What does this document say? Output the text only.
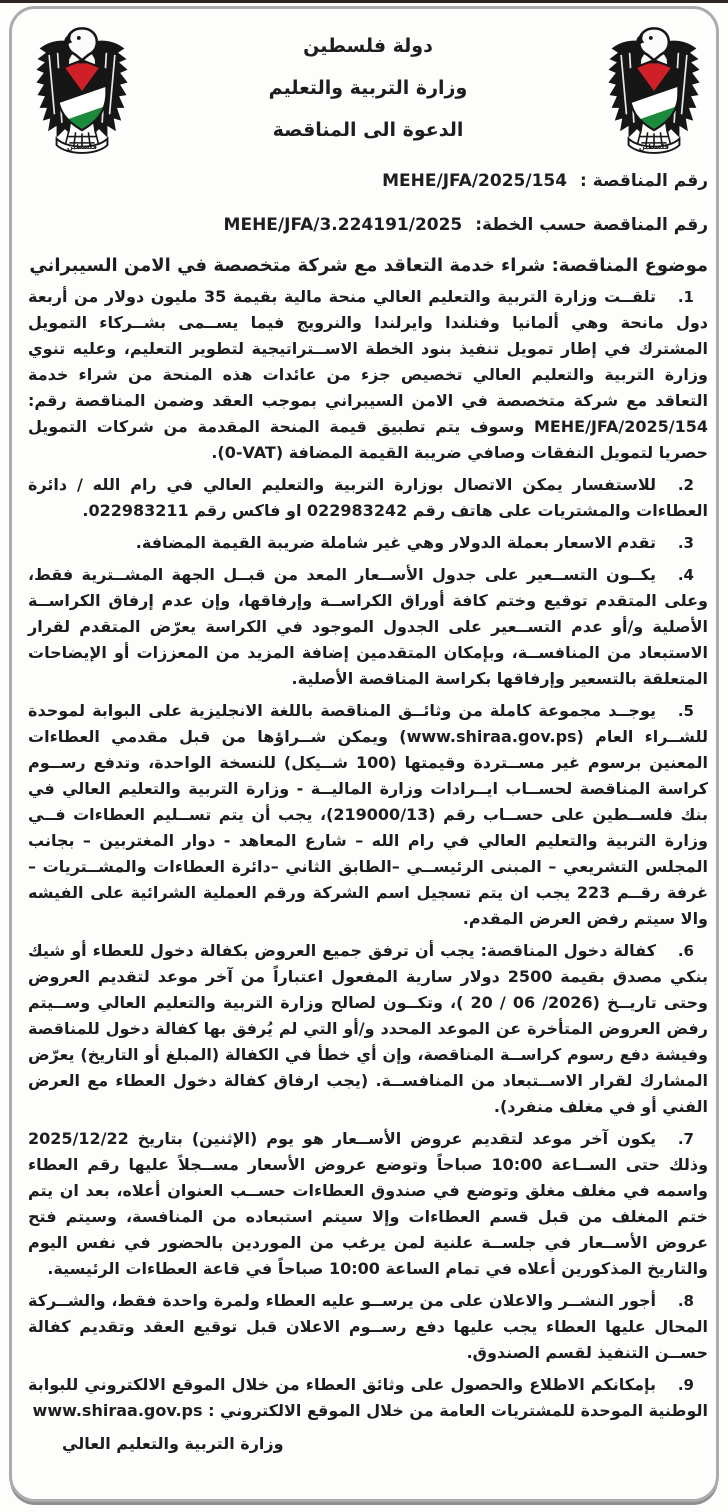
فلسطين
دولة فلسطين
وزارة التربية والتعليم
الدعوة الى المناقصة
فلسطين
رقم المناقصة : MEHE/JFA/2025/154
رقم المناقصة حسب الخطة: MEHE/JFA/3.224191/2025
موضوع المناقصة: شراء خدمة التعاقد مع شركة متخصصة في الامن السيبراني
.1
تلقــت وزارة التربية والتعليم العالي منحة مالية بقيمة 35 مليون دولار من أربعة دول مانحة وهي ألمانيا وفنلندا وايرلندا والنرويج فيما يســمى بشــركاء التمويل المشترك في إطار تمويل تنفيذ بنود الخطة الاســتراتيجية لتطوير التعليم، وعليه تنوي وزارة التربية والتعليم العالي تخصيص جزء من عائدات هذه المنحة من شراء خدمة التعاقد مع شركة متخصصة في الامن السيبراني بموجب العقد وضمن المناقصة رقم: MEHE/JFA/2025/154 وسوف يتم تطبيق قيمة المنحة المقدمة من شركات التمويل حصريا لتمويل النفقات وصافي ضريبة القيمة المضافة (‎0-VAT‎).
.2
للاستفسار يمكن الاتصال بوزارة التربية والتعليم العالي في رام الله / دائرة العطاءات والمشتريات على هاتف رقم 022983242 او فاكس رقم 022983211.
.3
تقدم الاسعار بعملة الدولار وهي غير شاملة ضريبة القيمة المضافة.
.4
يكــون التســعير على جدول الأســعار المعد من قبــل الجهة المشــترية فقط، وعلى المتقدم توقيع وختم كافة أوراق الكراســة وإرفاقها، وإن عدم إرفاق الكراســة الأصلية و/أو عدم التســعير على الجدول الموجود في الكراسة يعرّض المتقدم لقرار الاستبعاد من المنافســة، وبإمكان المتقدمين إضافة المزيد من المعززات أو الإيضاحات المتعلقة بالتسعير وإرفاقها بكراسة المناقصة الأصلية.
.5
يوجــد مجموعة كاملة من وثائــق المناقصة باللغة الانجليزية على البوابة لموحدة للشــراء العام (www.shiraa.gov.ps) ويمكن شــراؤها من قبل مقدمي العطاءات المعنين برسوم غير مســتردة وقيمتها (100 شــيكل) للنسخة الواحدة، وتدفع رســوم كراسة المناقصة لحســاب ايــرادات وزارة الماليــة - وزارة التربية والتعليم العالي في بنك فلســطين على حســاب رقم (219000/13)، يجب أن يتم تســليم العطاءات فــي وزارة التربية والتعليم العالي في رام الله – شارع المعاهد - دوار المغتربين – بجانب المجلس التشريعي – المبنى الرئيســي –الطابق الثاني –دائرة العطاءات والمشــتريات – غرفة رقــم 223 يجب ان يتم تسجيل اسم الشركة ورقم العملية الشرائية على الفيشه والا سيتم رفض العرض المقدم.
.6
كفالة دخول المناقصة: يجب أن ترفق جميع العروض بكفالة دخول للعطاء أو شيك بنكي مصدق بقيمة 2500 دولار سارية المفعول اعتباراً من آخر موعد لتقديم العروض وحتى تاريــخ (‎ 20 / 06 /2026‎)، وتكــون لصالح وزارة التربية والتعليم العالي وســيتم رفض العروض المتأخرة عن الموعد المحدد و/أو التي لم يُرفق بها كفالة دخول للمناقصة وفيشة دفع رسوم كراســة المناقصة، وإن أي خطأ في الكفالة (المبلغ أو التاريخ) يعرّض المشارك لقرار الاســتبعاد من المنافســة. (يجب ارفاق كفالة دخول العطاء مع العرض الفني أو في مغلف منفرد).
.7
يكون آخر موعد لتقديم عروض الأســعار هو يوم (الإثنين) بتاريخ 2025/12/22 وذلك حتى الســاعة 10:00 صباحاً وتوضع عروض الأسعار مســجلاً عليها رقم العطاء واسمه في مغلف مغلق وتوضع في صندوق العطاءات حســب العنوان أعلاه، بعد ان يتم ختم المغلف من قبل قسم العطاءات وإلا سيتم استبعاده من المنافسة، وسيتم فتح عروض الأســعار في جلســة علنية لمن يرغب من الموردين بالحضور في نفس اليوم والتاريخ المذكورين أعلاه في تمام الساعة 10:00 صباحاً في قاعة العطاءات الرئيسية.
.8
أجور النشــر والاعلان على من يرســو عليه العطاء ولمرة واحدة فقط، والشــركة المحال عليها العطاء يجب عليها دفع رســوم الاعلان قبل توقيع العقد وتقديم كفالة حســن التنفيذ لقسم الصندوق.
.9
بإمكانكم الاطلاع والحصول على وثائق العطاء من خلال الموقع الالكتروني للبوابة الوطنية الموحدة للمشتريات العامة من خلال الموقع الالكتروني : www.shiraa.gov.ps
وزارة التربية والتعليم العالي
